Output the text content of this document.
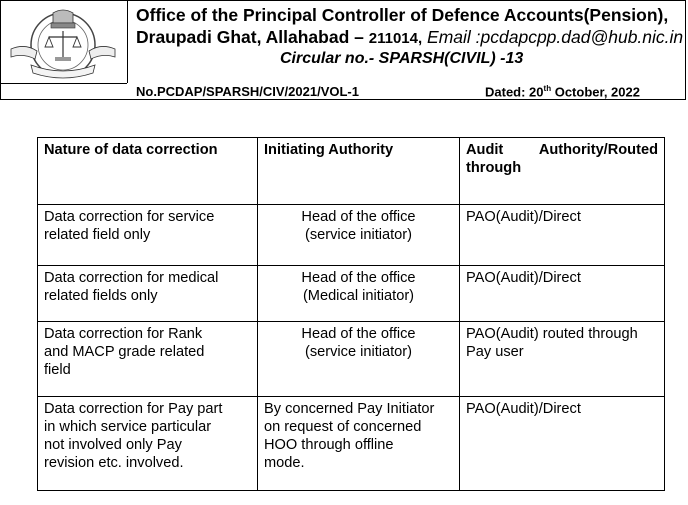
Office of the Principal Controller of Defence Accounts(Pension),
Draupadi Ghat, Allahabad – 211014, Email :pcdapcpp.dad@hub.nic.in
Circular no.- SPARSH(CIVIL) -13
No.PCDAP/SPARSH/CIV/2021/VOL-1	Dated: 20th October, 2022
Nature of data correction	Initiating Authority	Audit Authority/Routed
through
Data correction for service
related field only	Head of the office
(service initiator)	PAO(Audit)/Direct
Data correction for medical
related fields only	Head of the office
(Medical initiator)	PAO(Audit)/Direct
Data correction for Rank
and MACP grade related
field	Head of the office
(service initiator)	PAO(Audit) routed through
Pay user
Data correction for Pay part
in which service particular
not involved only Pay
revision etc. involved.	By concerned Pay Initiator
on request of concerned
HOO through offline
mode.	PAO(Audit)/Direct
